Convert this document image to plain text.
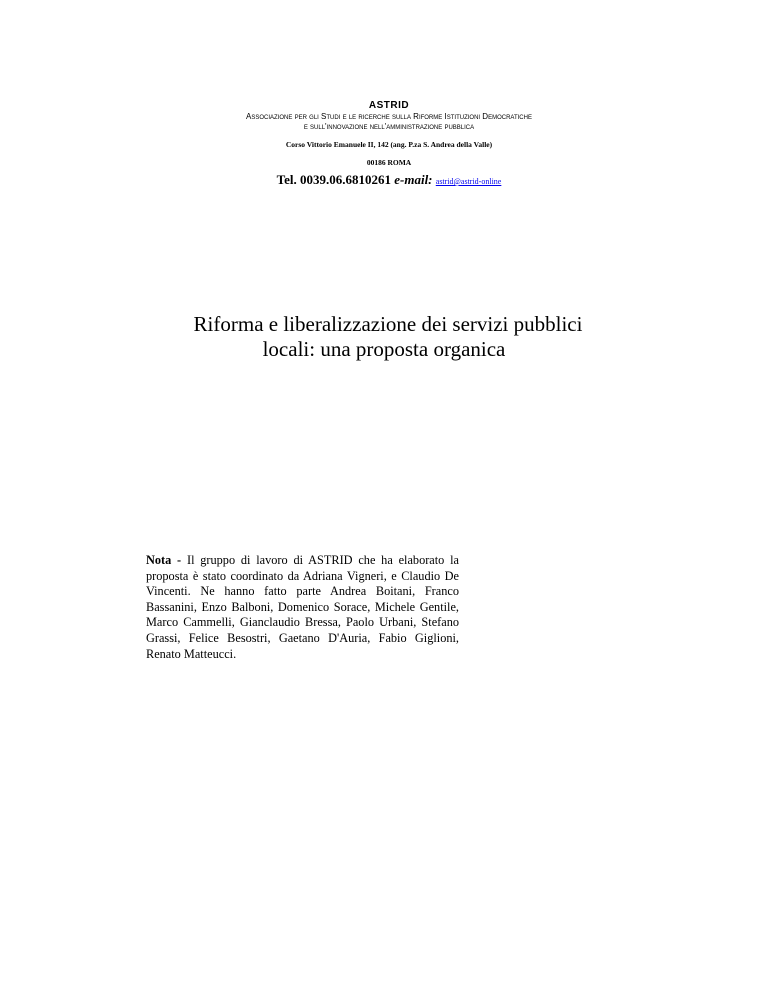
ASTRID
Associazione per gli Studi e le ricerche sulla Riforme Istituzioni Democratiche
e sull'innovazione nell'amministrazione pubblica
Corso Vittorio Emanuele II, 142 (ang. P.za S. Andrea della Valle)
00186 ROMA
Tel. 0039.06.6810261 e-mail: astrid@astrid-online
Riforma e liberalizzazione dei servizi pubblici
locali: una proposta organica
Nota - Il gruppo di lavoro di ASTRID che ha elaborato la proposta è stato coordinato da Adriana Vigneri, e Claudio De Vincenti. Ne hanno fatto parte Andrea Boitani, Franco Bassanini, Enzo Balboni, Domenico Sorace, Michele Gentile, Marco Cammelli, Gianclaudio Bressa, Paolo Urbani, Stefano Grassi, Felice Besostri, Gaetano D'Auria, Fabio Giglioni, Renato Matteucci.
